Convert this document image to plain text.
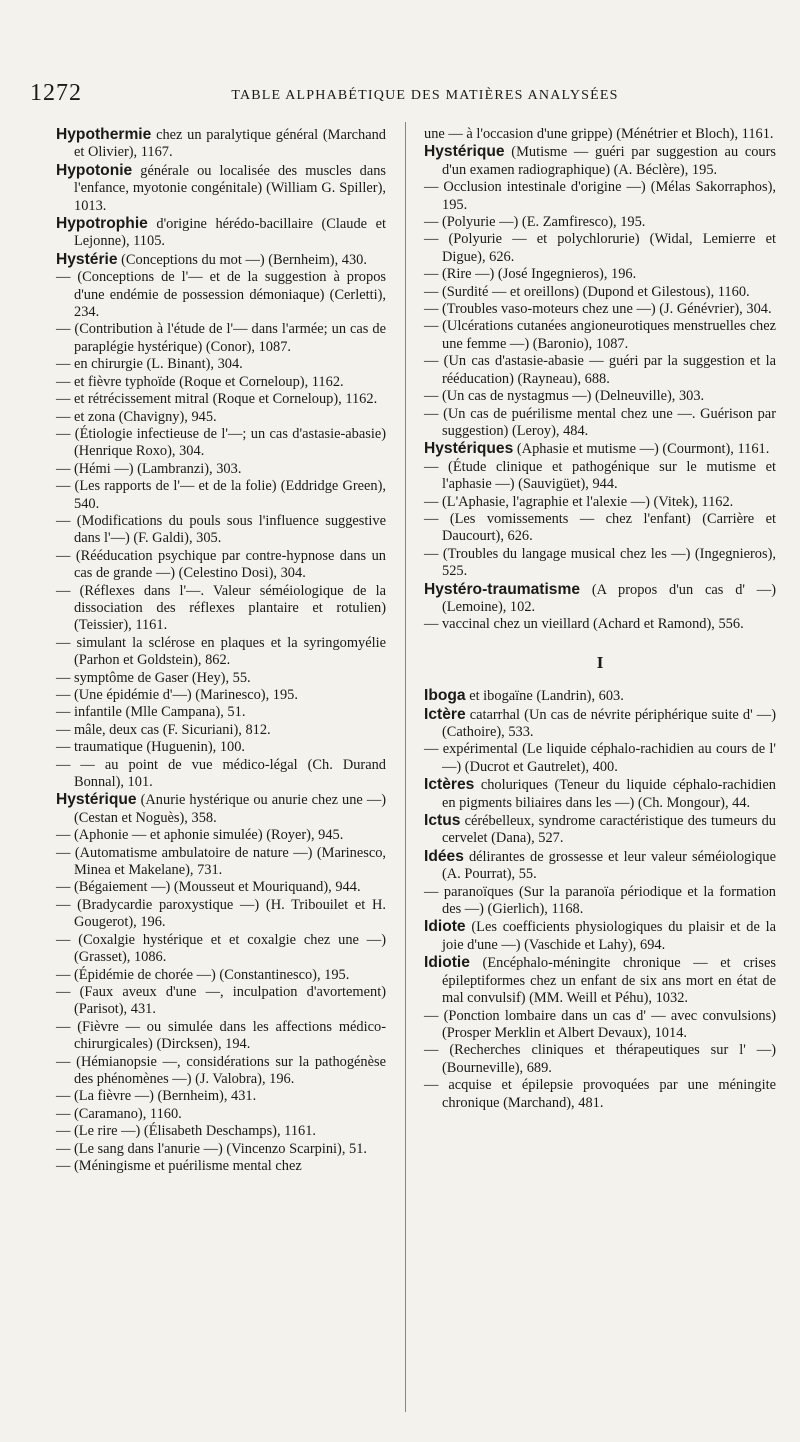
1272	TABLE ALPHABÉTIQUE DES MATIÈRES ANALYSÉES
Hypothermie chez un paralytique général (Marchand et Olivier), 1167.
Hypotonie générale ou localisée des muscles dans l'enfance, myotonie congénitale) (William G. Spiller), 1013.
Hypotrophie d'origine hérédo-bacillaire (Claude et Lejonne), 1105.
Hystérie (Conceptions du mot —) (Bernheim), 430.
— (Conceptions de l'— et de la suggestion à propos d'une endémie de possession démoniaque) (Cerletti), 234.
— (Contribution à l'étude de l'— dans l'armée; un cas de paraplégie hystérique) (Conor), 1087.
— en chirurgie (L. Binant), 304.
— et fièvre typhoïde (Roque et Corneloup), 1162.
— et rétrécissement mitral (Roque et Corneloup), 1162.
— et zona (Chavigny), 945.
— (Étiologie infectieuse de l'—; un cas d'astasie-abasie) (Henrique Roxo), 304.
— (Hémi —) (Lambranzi), 303.
— (Les rapports de l'— et de la folie) (Eddridge Green), 540.
— (Modifications du pouls sous l'influence suggestive dans l'—) (F. Galdi), 305.
— (Rééducation psychique par contre-hypnose dans un cas de grande —) (Celestino Dosi), 304.
— (Réflexes dans l'—. Valeur séméiologique de la dissociation des réflexes plantaire et rotulien) (Teissier), 1161.
— simulant la sclérose en plaques et la syringomyélie (Parhon et Goldstein), 862.
— symptôme de Gaser (Hey), 55.
— (Une épidémie d'—) (Marinesco), 195.
— infantile (Mlle Campana), 51.
— mâle, deux cas (F. Sicuriani), 812.
— traumatique (Huguenin), 100.
— — au point de vue médico-légal (Ch. Durand Bonnal), 101.
Hystérique (Anurie hystérique ou anurie chez une —) (Cestan et Noguès), 358.
— (Aphonie — et aphonie simulée) (Royer), 945.
— (Automatisme ambulatoire de nature —) (Marinesco, Minea et Makelane), 731.
— (Bégaiement —) (Mousseut et Mouriquand), 944.
— (Bradycardie paroxystique —) (H. Tribouilet et H. Gougerot), 196.
— (Coxalgie hystérique et et coxalgie chez une —) (Grasset), 1086.
— (Épidémie de chorée —) (Constantinesco), 195.
— (Faux aveux d'une —, inculpation d'avortement) (Parisot), 431.
— (Fièvre — ou simulée dans les affections médico-chirurgicales) (Dircksen), 194.
— (Hémianopsie —, considérations sur la pathogénèse des phénomènes —) (J. Valobra), 196.
— (La fièvre —) (Bernheim), 431.
— (Caramano), 1160.
— (Le rire —) (Élisabeth Deschamps), 1161.
— (Le sang dans l'anurie —) (Vincenzo Scarpini), 51.
— (Méningisme et puérilisme mental chez
une — à l'occasion d'une grippe) (Ménétrier et Bloch), 1161.
Hystérique (Mutisme — guéri par suggestion au cours d'un examen radiographique) (A. Béclère), 195.
— Occlusion intestinale d'origine —) (Mélas Sakorraphos), 195.
— (Polyurie —) (E. Zamfiresco), 195.
— (Polyurie — et polychlorurie) (Widal, Lemierre et Digue), 626.
— (Rire —) (José Ingegnieros), 196.
— (Surdité — et oreillons) (Dupond et Gilestous), 1160.
— (Troubles vaso-moteurs chez une —) (J. Génévrier), 304.
— (Ulcérations cutanées angioneurotiques menstruelles chez une femme —) (Baronio), 1087.
— (Un cas d'astasie-abasie — guéri par la suggestion et la rééducation) (Rayneau), 688.
— (Un cas de nystagmus —) (Delneuville), 303.
— (Un cas de puérilisme mental chez une —. Guérison par suggestion) (Leroy), 484.
Hystériques (Aphasie et mutisme —) (Courmont), 1161.
— (Étude clinique et pathogénique sur le mutisme et l'aphasie —) (Sauvigüet), 944.
— (L'Aphasie, l'agraphie et l'alexie —) (Vitek), 1162.
— (Les vomissements — chez l'enfant) (Carrière et Daucourt), 626.
— (Troubles du langage musical chez les —) (Ingegnieros), 525.
Hystéro-traumatisme (A propos d'un cas d' —) (Lemoine), 102.
— vaccinal chez un vieillard (Achard et Ramond), 556.
I
Iboga et ibogaïne (Landrin), 603.
Ictère catarrhal (Un cas de névrite périphérique suite d' —) (Cathoire), 533.
— expérimental (Le liquide céphalo-rachidien au cours de l' —) (Ducrot et Gautrelet), 400.
Ictères choluriques (Teneur du liquide céphalo-rachidien en pigments biliaires dans les —) (Ch. Mongour), 44.
Ictus cérébelleux, syndrome caractéristique des tumeurs du cervelet (Dana), 527.
Idées délirantes de grossesse et leur valeur séméiologique (A. Pourrat), 55.
— paranoïques (Sur la paranoïa périodique et la formation des —) (Gierlich), 1168.
Idiote (Les coefficients physiologiques du plaisir et de la joie d'une —) (Vaschide et Lahy), 694.
Idiotie (Encéphalo-méningite chronique — et crises épileptiformes chez un enfant de six ans mort en état de mal convulsif) (MM. Weill et Péhu), 1032.
— (Ponction lombaire dans un cas d' — avec convulsions) (Prosper Merklin et Albert Devaux), 1014.
— (Recherches cliniques et thérapeutiques sur l' —) (Bourneville), 689.
— acquise et épilepsie provoquées par une méningite chronique (Marchand), 481.
